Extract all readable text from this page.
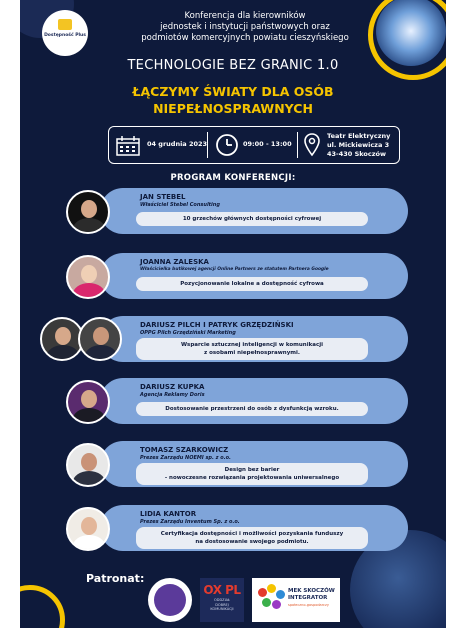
Dostępność Plus
Konferencja dla kierowników
jednostek i instytucji państwowych oraz
podmiotów komercyjnych powiatu cieszyńskiego
TECHNOLOGIE BEZ GRANIC 1.0
ŁĄCZYMY ŚWIATY DLA OSÓB
NIEPEŁNOSPRAWNYCH
04 grudnia 2023	09:00 - 13:00
Teatr Elektryczny
ul. Mickiewicza 3
43-430 Skoczów
PROGRAM KONFERENCJI:
JAN STEBEL
Właściciel Stebel Consulting
10 grzechów głównych dostępności cyfrowej
JOANNA ZALESKA
Właścicielka butikowej agencji Online Partners ze statutem Partnera Google
Pozycjonowanie lokalne a dostępność cyfrowa
DARIUSZ PILCH I PATRYK GRZĘDZIŃSKI
OPPG Pilch Grzędziński Marketing
Wsparcie sztucznej inteligencji w komunikacji
z osobami niepełnosprawnymi.
DARIUSZ KUPKA
Agencja Reklamy Doris
Dostosowanie przestrzeni do osób z dysfunkcją wzroku.
TOMASZ SZARKOWICZ
Prezes Zarządu NOEMI sp. z o.o.
Design bez barier
- nowoczesne rozwiązania projektowania uniwersalnego
LIDIA KANTOR
Prezes Zarządu Inventum Sp. z o.o.
Certyfikacja dostępności i możliwości pozyskania funduszy
na dostosowanie swojego podmiotu.
Patronat:
OX PL
ODDZIAŁ
DOBREJ
KOMUNIKACJI
MEK SKOCZÓW
INTEGRATOR
społeczno-gospodarczy
